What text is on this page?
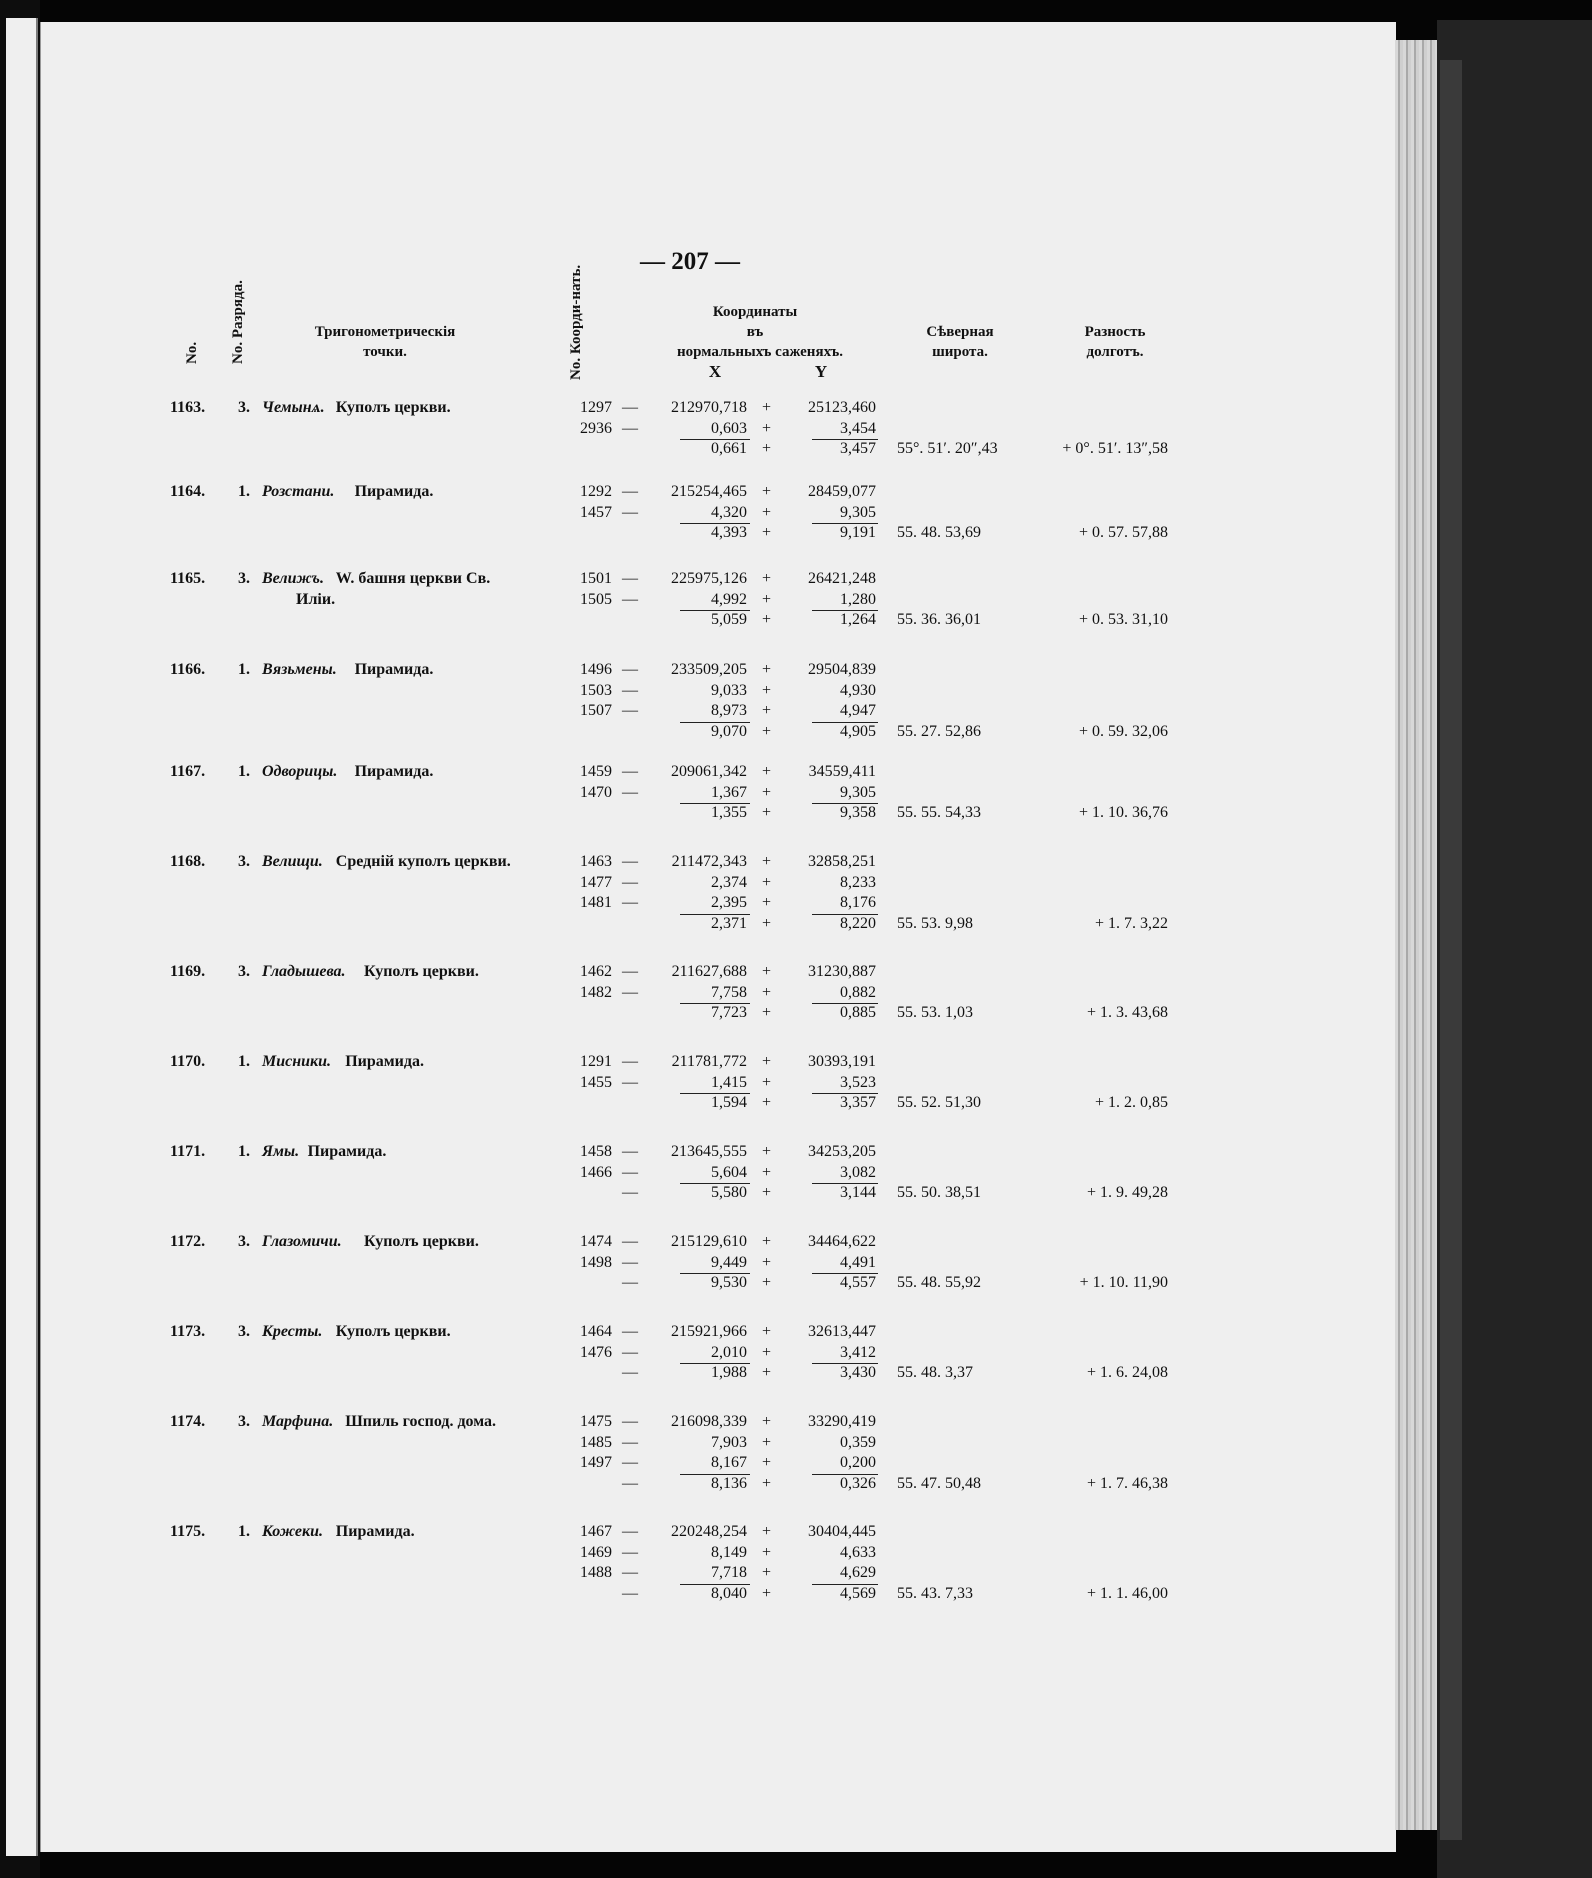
— 207 —
No. No. Разряда.	Тригонометрическія
точки.	No. Коорди-нать.	Координаты
въ
нормальныхъ саженяхъ.
X	Y
Сѣверная
широта.
Разность
долготъ.
1163.	3. Чемынѧ. Куполъ церкви.	1297 —	212970,718 +	25123,460
2936 —	0,603 +	3,454
0,661 +	3,457 55°. 51′. 20″,43	+ 0°. 51′. 13″,58
1164.	1. Розстани. Пирамида.	1292 —	215254,465 +	28459,077
1457 —	4,320 +	9,305
4,393 +	9,191 55. 48. 53,69	+ 0. 57. 57,88
1165.	3. Велижъ. W. башня церкви Св.
Иліи.
1501 —	225975,126 +	26421,248
1505 —	4,992 +	1,280
5,059 +	1,264 55. 36. 36,01	+ 0. 53. 31,10
1166.	1. Вязьмены. Пирамида.	1496 —	233509,205 +	29504,839
1503 —	9,033 +	4,930
1507 —	8,973 +	4,947
9,070 +	4,905 55. 27. 52,86	+ 0. 59. 32,06
1167.	1. Одворицы. Пирамида.	1459 —	209061,342 +	34559,411
1470 —	1,367 +	9,305
1,355 +	9,358 55. 55. 54,33	+ 1. 10. 36,76
1168.	3. Велищи. Средній куполъ церкви.	1463 —	211472,343 +	32858,251
1477 —	2,374 +	8,233
1481 —	2,395 +	8,176
2,371 +	8,220 55. 53. 9,98	+ 1. 7. 3,22
1169.	3. Гладышева. Куполъ церкви.	1462 —	211627,688 +	31230,887
1482 —	7,758 +	0,882
7,723 +	0,885 55. 53. 1,03	+ 1. 3. 43,68
1170.	1. Мисники. Пирамида.	1291 —	211781,772 +	30393,191
1455 —	1,415 +	3,523
1,594 +	3,357 55. 52. 51,30	+ 1. 2. 0,85
1171.	1. Ямы. Пирамида.	1458 —	213645,555 +	34253,205
1466 —	5,604 +	3,082
—	5,580 +	3,144 55. 50. 38,51	+ 1. 9. 49,28
1172.	3. Глазомичи. Куполъ церкви.	1474 —	215129,610 +	34464,622
1498 —	9,449 +	4,491
—	9,530 +	4,557 55. 48. 55,92	+ 1. 10. 11,90
1173.	3. Кресты. Куполъ церкви.	1464 —	215921,966 +	32613,447
1476 —	2,010 +	3,412
—	1,988 +	3,430 55. 48. 3,37	+ 1. 6. 24,08
1174.	3. Марфина. Шпиль господ. дома.	1475 —	216098,339 +	33290,419
1485 —	7,903 +	0,359
1497 —	8,167 +	0,200
—	8,136 +	0,326 55. 47. 50,48	+ 1. 7. 46,38
1175.	1. Кожеки. Пирамида.	1467 —	220248,254 +	30404,445
1469 —	8,149 +	4,633
1488 —	7,718 +	4,629
—	8,040 +	4,569 55. 43. 7,33	+ 1. 1. 46,00
